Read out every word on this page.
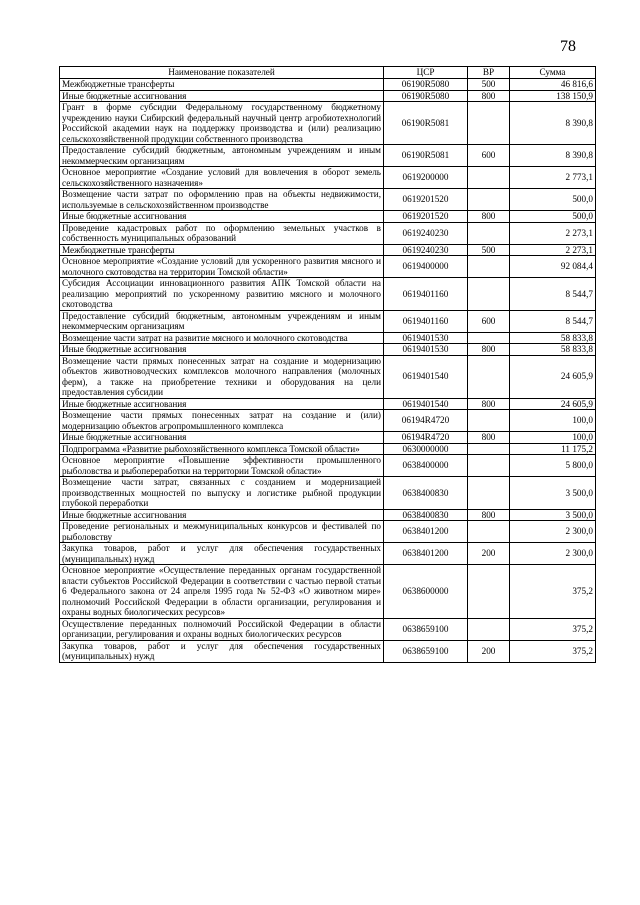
78
Наименование показателей	ЦСР	ВР	Сумма
Межбюджетные трансферты	06190R5080	500	46 816,6
Иные бюджетные ассигнования	06190R5080	800	138 150,9
Грант в форме субсидии Федеральному государственному бюджетному учреждению науки Сибирский федеральный научный центр агробиотехнологий Российской академии наук на поддержку производства и (или) реализацию сельскохозяйственной продукции собственного производства	06190R5081		8 390,8
Предоставление субсидий бюджетным, автономным учреждениям и иным некоммерческим организациям	06190R5081	600	8 390,8
Основное мероприятие «Создание условий для вовлечения в оборот земель сельскохозяйственного назначения»	0619200000		2 773,1
Возмещение части затрат по оформлению прав на объекты недвижимости, используемые в сельскохозяйственном производстве	0619201520		500,0
Иные бюджетные ассигнования	0619201520	800	500,0
Проведение кадастровых работ по оформлению земельных участков в собственность муниципальных образований	0619240230		2 273,1
Межбюджетные трансферты	0619240230	500	2 273,1
Основное мероприятие «Создание условий для ускоренного развития мясного и молочного скотоводства на территории Томской области»	0619400000		92 084,4
Субсидия Ассоциации инновационного развития АПК Томской области на реализацию мероприятий по ускоренному развитию мясного и молочного скотоводства	0619401160		8 544,7
Предоставление субсидий бюджетным, автономным учреждениям и иным некоммерческим организациям	0619401160	600	8 544,7
Возмещение части затрат на развитие мясного и молочного скотоводства	0619401530		58 833,8
Иные бюджетные ассигнования	0619401530	800	58 833,8
Возмещение части прямых понесенных затрат на создание и модернизацию объектов животноводческих комплексов молочного направления (молочных ферм), а также на приобретение техники и оборудования на цели предоставления субсидии	0619401540		24 605,9
Иные бюджетные ассигнования	0619401540	800	24 605,9
Возмещение части прямых понесенных затрат на создание и (или) модернизацию объектов агропромышленного комплекса	06194R4720		100,0
Иные бюджетные ассигнования	06194R4720	800	100,0
Подпрограмма «Развитие рыбохозяйственного комплекса Томской области»	0630000000		11 175,2
Основное мероприятие «Повышение эффективности промышленного рыболовства и рыбопереработки на территории Томской области»	0638400000		5 800,0
Возмещение части затрат, связанных с созданием и модернизацией производственных мощностей по выпуску и логистике рыбной продукции глубокой переработки	0638400830		3 500,0
Иные бюджетные ассигнования	0638400830	800	3 500,0
Проведение региональных и межмуниципальных конкурсов и фестивалей по рыболовству	0638401200		2 300,0
Закупка товаров, работ и услуг для обеспечения государственных (муниципальных) нужд	0638401200	200	2 300,0
Основное мероприятие «Осуществление переданных органам государственной власти субъектов Российской Федерации в соответствии с частью первой статьи 6 Федерального закона от 24 апреля 1995 года № 52-ФЗ «О животном мире» полномочий Российской Федерации в области организации, регулирования и охраны водных биологических ресурсов»	0638600000		375,2
Осуществление переданных полномочий Российской Федерации в области организации, регулирования и охраны водных биологических ресурсов	0638659100		375,2
Закупка товаров, работ и услуг для обеспечения государственных (муниципальных) нужд	0638659100	200	375,2
